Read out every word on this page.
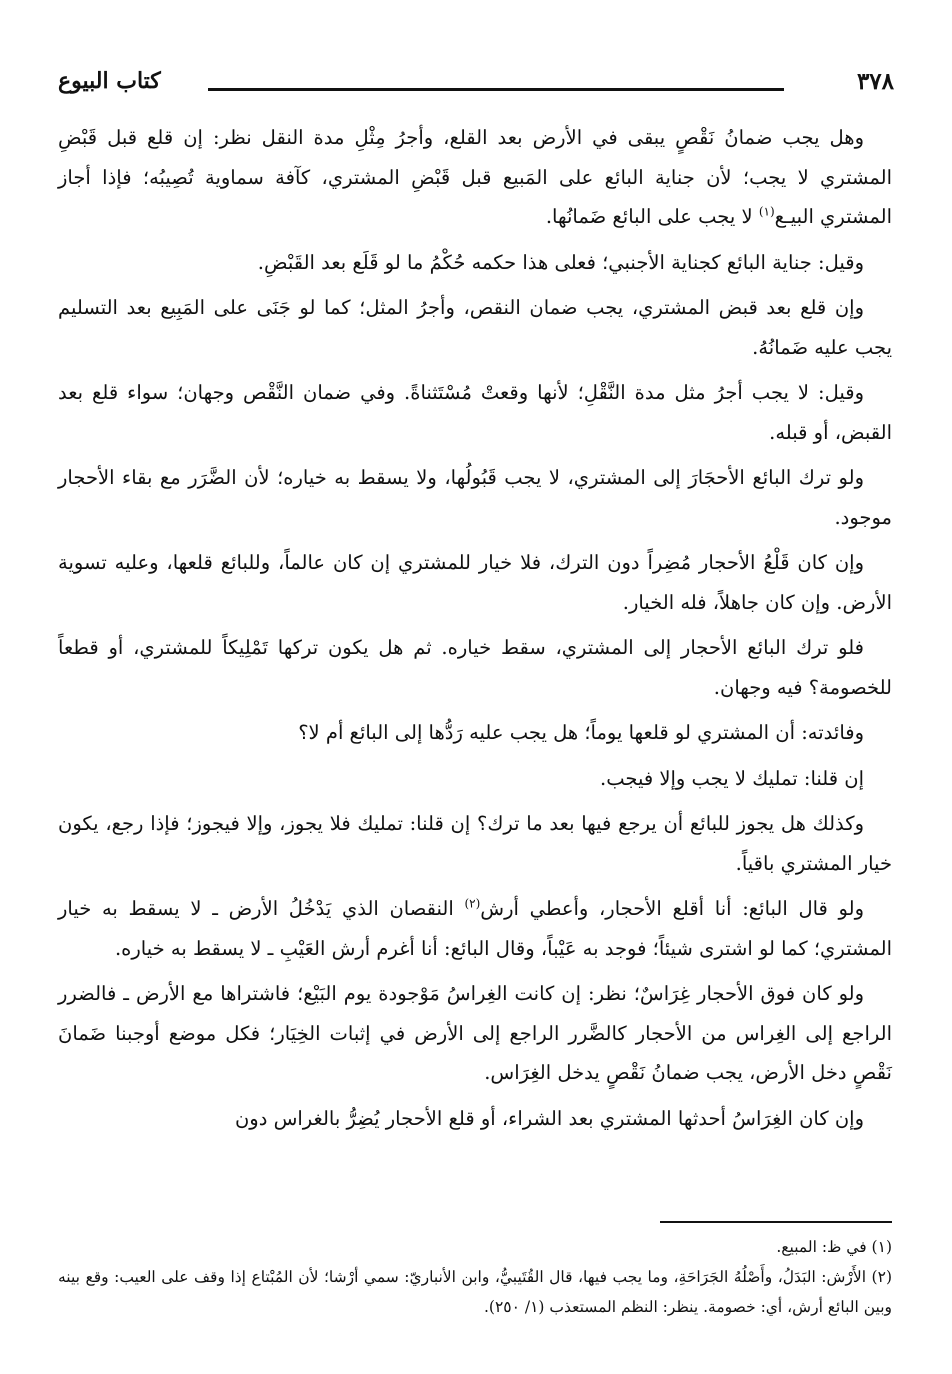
٣٧٨
كتاب البيوع

وهل يجب ضمانُ نَقْصٍ يبقى في الأرض بعد القلع، وأجرُ مِثْلِ مدة النقل نظر: إن قلع قبل قَبْضِ المشتري لا يجب؛ لأن جناية البائع على المَبيع قبل قَبْضِ المشتري، كآفة سماوية تُصِيبُه؛ فإذا أجاز المشتري البيـع$^{(١)}$ لا يجب على البائع ضَمانُها.

وقيل: جناية البائع كجناية الأجنبي؛ فعلى هذا حكمه حُكْمُ ما لو قَلَع بعد القَبْضِ.

وإن قلع بعد قبض المشتري، يجب ضمان النقص، وأجرُ المثل؛ كما لو جَنَى على المَبِيع بعد التسليم يجب عليه ضَمانُهُ.

وقيل: لا يجب أجرُ مثل مدة النَّقْلِ؛ لأنها وقعتْ مُسْتَثناةً. وفي ضمان النَّقْص وجهان؛ سواء قلع بعد القبض، أو قبله.

ولو ترك البائع الأحجَارَ إلى المشتري، لا يجب قَبُولُها، ولا يسقط به خياره؛ لأن الضَّرَر مع بقاء الأحجار موجود.

وإن كان قَلْعُ الأحجار مُضِراً دون الترك، فلا خيار للمشتري إن كان عالماً، وللبائع قلعها، وعليه تسوية الأرض. وإن كان جاهلاً، فله الخيار.

فلو ترك البائع الأحجار إلى المشتري، سقط خياره. ثم هل يكون تركها تَمْلِيكاً للمشتري، أو قطعاً للخصومة؟ فيه وجهان.

وفائدته: أن المشتري لو قلعها يوماً؛ هل يجب عليه رَدُّها إلى البائع أم لا؟

إن قلنا: تمليك لا يجب وإلا فيجب.

وكذلك هل يجوز للبائع أن يرجع فيها بعد ما ترك؟ إن قلنا: تمليك فلا يجوز، وإلا فيجوز؛ فإذا رجع، يكون خيار المشتري باقياً.

ولو قال البائع: أنا أقلع الأحجار، وأعطي أرش$^{(٢)}$ النقصان الذي يَدْخُلُ الأرض ـ لا يسقط به خيار المشتري؛ كما لو اشترى شيئاً؛ فوجد به عَيْباً، وقال البائع: أنا أغرم أرش العَيْبِ ـ لا يسقط به خياره.

ولو كان فوق الأحجار غِرَاسٌ؛ نظر: إن كانت الغِراسُ مَوْجودة يوم البَيْع؛ فاشتراها مع الأرض ـ فالضرر الراجع إلى الغِراس من الأحجار كالضَّرر الراجع إلى الأرض في إثبات الخِيَار؛ فكل موضع أوجبنا ضَمانَ نَقْصٍ دخل الأرض، يجب ضمانُ نَقْصٍ يدخل الغِرَاس.

وإن كان الغِرَاسُ أحدثها المشتري بعد الشراء، أو قلع الأحجار يُضِرُّ بالغراس دون

(١) في ظ: المبيع.

(٢) الأَرْش: البَدَلُ، وأَصْلُهُ الجَرَاحَةِ، وما يجب فيها، قال القُتَيبيُّ، وابن الأنباريّ: سمي أرْشا؛ لأن المُبْتاع إذا وقف على العيب: وقع بينه وبين البائع أرش، أي: خصومة. ينظر: النظم المستعذب (١/ ٢٥٠).
